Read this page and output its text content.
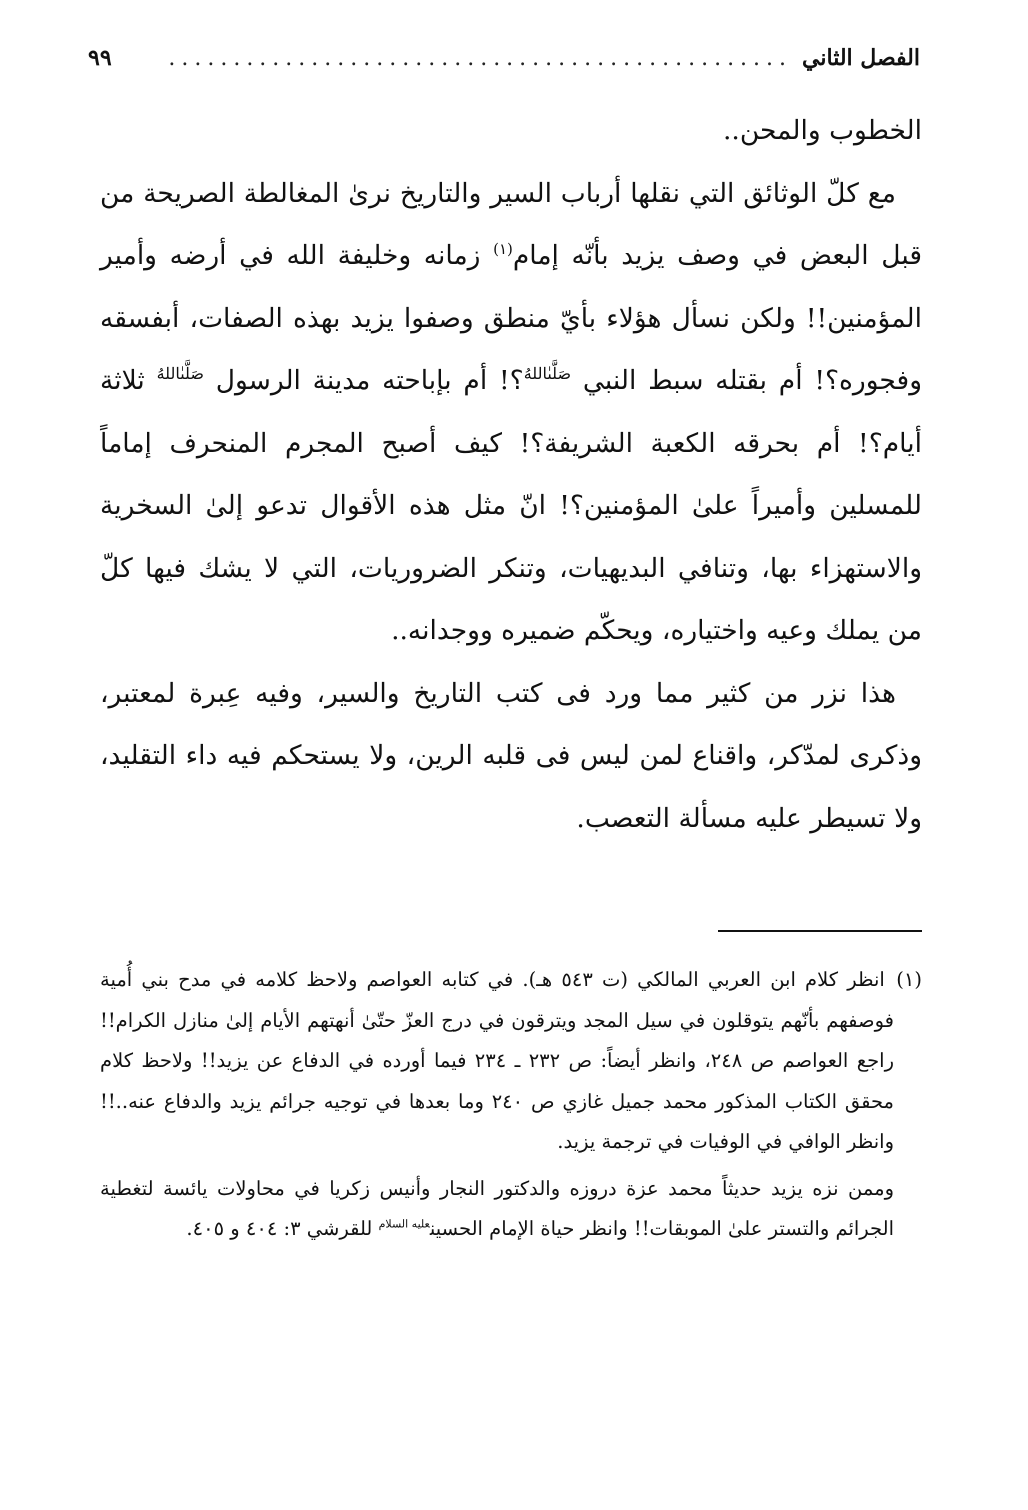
الفصل الثاني
................................................
٩٩

الخطوب والمحن..

مع كلّ الوثائق التي نقلها أرباب السير والتاريخ نرىٰ المغالطة الصريحة من قبل البعض في وصف يزيد بأنّه إمام$^{(١)}$ زمانه وخليفة الله في أرضه وأمير المؤمنين!! ولكن نسأل هؤلاء بأيّ منطق وصفوا يزيد بهذه الصفات، أبفسقه وفجوره؟! أم بقتله سبط النبي $^{صَلَّىٰاللهُ}$؟! أم بإباحته مدينة الرسول $^{صَلَّىٰاللهُ}$ ثلاثة أيام؟! أم بحرقه الكعبة الشريفة؟! كيف أصبح المجرم المنحرف إماماً للمسلين وأميراً علىٰ المؤمنين؟! انّ مثل هذه الأقوال تدعو إلىٰ السخرية والاستهزاء بها، وتنافي البديهيات، وتنكر الضروريات، التي لا يشك فيها كلّ من يملك وعيه واختياره، ويحكّم ضميره ووجدانه..

هذا نزر من كثير مما ورد فى كتب التاريخ والسير، وفيه عِبرة لمعتبر، وذكرى لمدّكر، واقناع لمن ليس فى قلبه الرين، ولا يستحكم فيه داء التقليد، ولا تسيطر عليه مسألة التعصب.

(١) انظر كلام ابن العربي المالكي (ت ٥٤٣ هـ). في كتابه العواصم ولاحظ كلامه في مدح بني أُمية فوصفهم بأنّهم يتوقلون في سيل المجد ويترقون في درج العزّ حتّىٰ أنهتهم الأيام إلىٰ منازل الكرام!! راجع العواصم ص ٢٤٨، وانظر أيضاً: ص ٢٣٢ ـ ٢٣٤ فيما أورده في الدفاع عن يزيد!! ولاحظ كلام محقق الكتاب المذكور محمد جميل غازي ص ٢٤٠ وما بعدها في توجيه جرائم يزيد والدفاع عنه..!!وانظر الوافي في الوفيات في ترجمة يزيد.

وممن نزه يزيد حديثاً محمد عزة دروزه والدكتور النجار وأنيس زكريا في محاولات يائسة لتغطية الجرائم والتستر علىٰ الموبقات!! وانظر حياة الإمام الحسين$^{عليه السلام}$ للقرشي ٣: ٤٠٤ و ٤٠٥.
